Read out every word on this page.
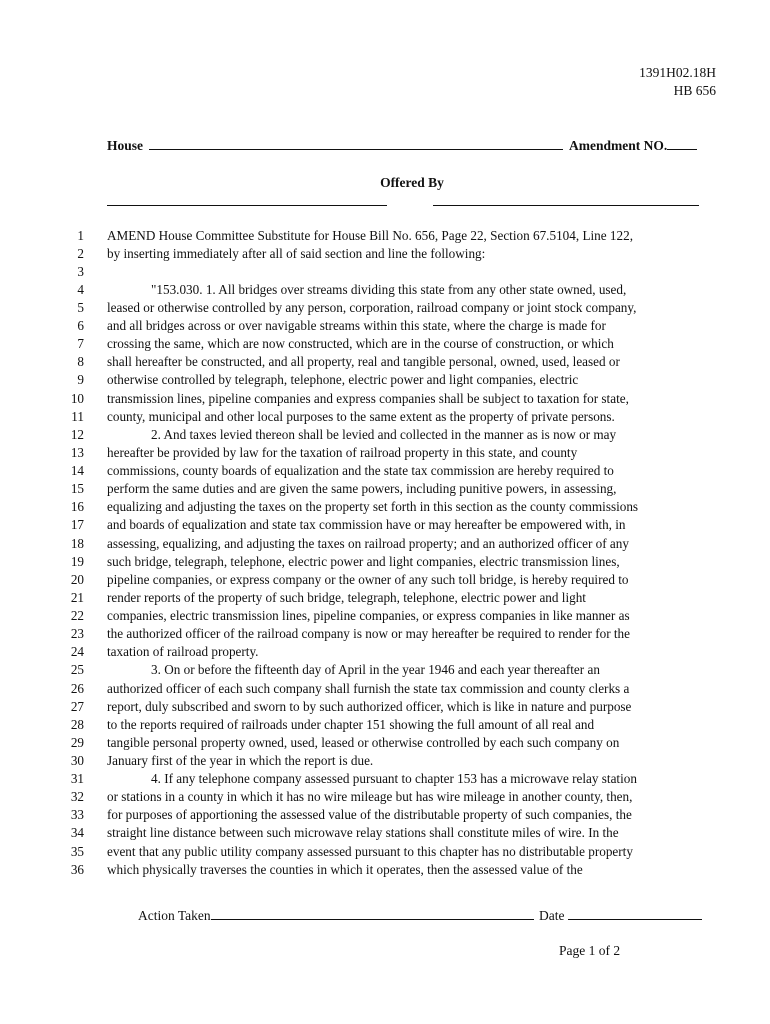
1391H02.18H
HB 656
House	Amendment NO.
Offered By
1 AMEND House Committee Substitute for House Bill No. 656, Page 22, Section 67.5104, Line 122,
2 by inserting immediately after all of said section and line the following:
3
4	"153.030. 1. All bridges over streams dividing this state from any other state owned, used,
5 leased or otherwise controlled by any person, corporation, railroad company or joint stock company,
6 and all bridges across or over navigable streams within this state, where the charge is made for
7 crossing the same, which are now constructed, which are in the course of construction, or which
8 shall hereafter be constructed, and all property, real and tangible personal, owned, used, leased or
9 otherwise controlled by telegraph, telephone, electric power and light companies, electric
10 transmission lines, pipeline companies and express companies shall be subject to taxation for state,
11 county, municipal and other local purposes to the same extent as the property of private persons.
12	2. And taxes levied thereon shall be levied and collected in the manner as is now or may
13 hereafter be provided by law for the taxation of railroad property in this state, and county
14 commissions, county boards of equalization and the state tax commission are hereby required to
15 perform the same duties and are given the same powers, including punitive powers, in assessing,
16 equalizing and adjusting the taxes on the property set forth in this section as the county commissions
17 and boards of equalization and state tax commission have or may hereafter be empowered with, in
18 assessing, equalizing, and adjusting the taxes on railroad property; and an authorized officer of any
19 such bridge, telegraph, telephone, electric power and light companies, electric transmission lines,
20 pipeline companies, or express company or the owner of any such toll bridge, is hereby required to
21 render reports of the property of such bridge, telegraph, telephone, electric power and light
22 companies, electric transmission lines, pipeline companies, or express companies in like manner as
23 the authorized officer of the railroad company is now or may hereafter be required to render for the
24 taxation of railroad property.
25	3. On or before the fifteenth day of April in the year 1946 and each year thereafter an
26 authorized officer of each such company shall furnish the state tax commission and county clerks a
27 report, duly subscribed and sworn to by such authorized officer, which is like in nature and purpose
28 to the reports required of railroads under chapter 151 showing the full amount of all real and
29 tangible personal property owned, used, leased or otherwise controlled by each such company on
30 January first of the year in which the report is due.
31	4. If any telephone company assessed pursuant to chapter 153 has a microwave relay station
32 or stations in a county in which it has no wire mileage but has wire mileage in another county, then,
33 for purposes of apportioning the assessed value of the distributable property of such companies, the
34 straight line distance between such microwave relay stations shall constitute miles of wire. In the
35 event that any public utility company assessed pursuant to this chapter has no distributable property
36 which physically traverses the counties in which it operates, then the assessed value of the
Action Taken	Date
Page 1 of 2
